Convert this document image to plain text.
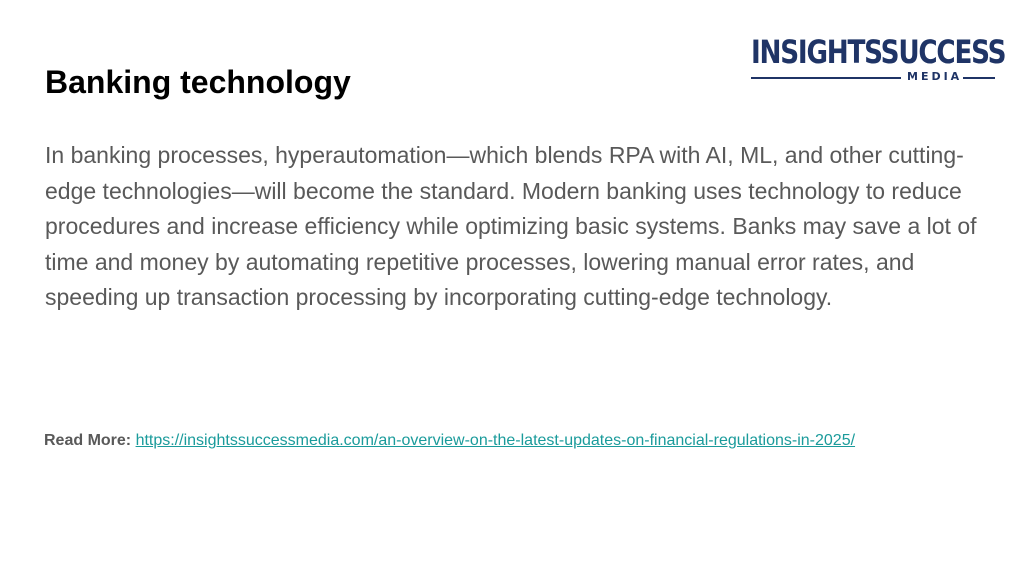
INSIGHTSSUCCESS
MEDIA
Banking technology

In banking processes, hyperautomation—which blends RPA with AI, ML, and other cutting-edge technologies—will become the standard. Modern banking uses technology to reduce procedures and increase efficiency while optimizing basic systems. Banks may save a lot of time and money by automating repetitive processes, lowering manual error rates, and speeding up transaction processing by incorporating cutting-edge technology.

Read More: https://insightssuccessmedia.com/an-overview-on-the-latest-updates-on-financial-regulations-in-2025/
